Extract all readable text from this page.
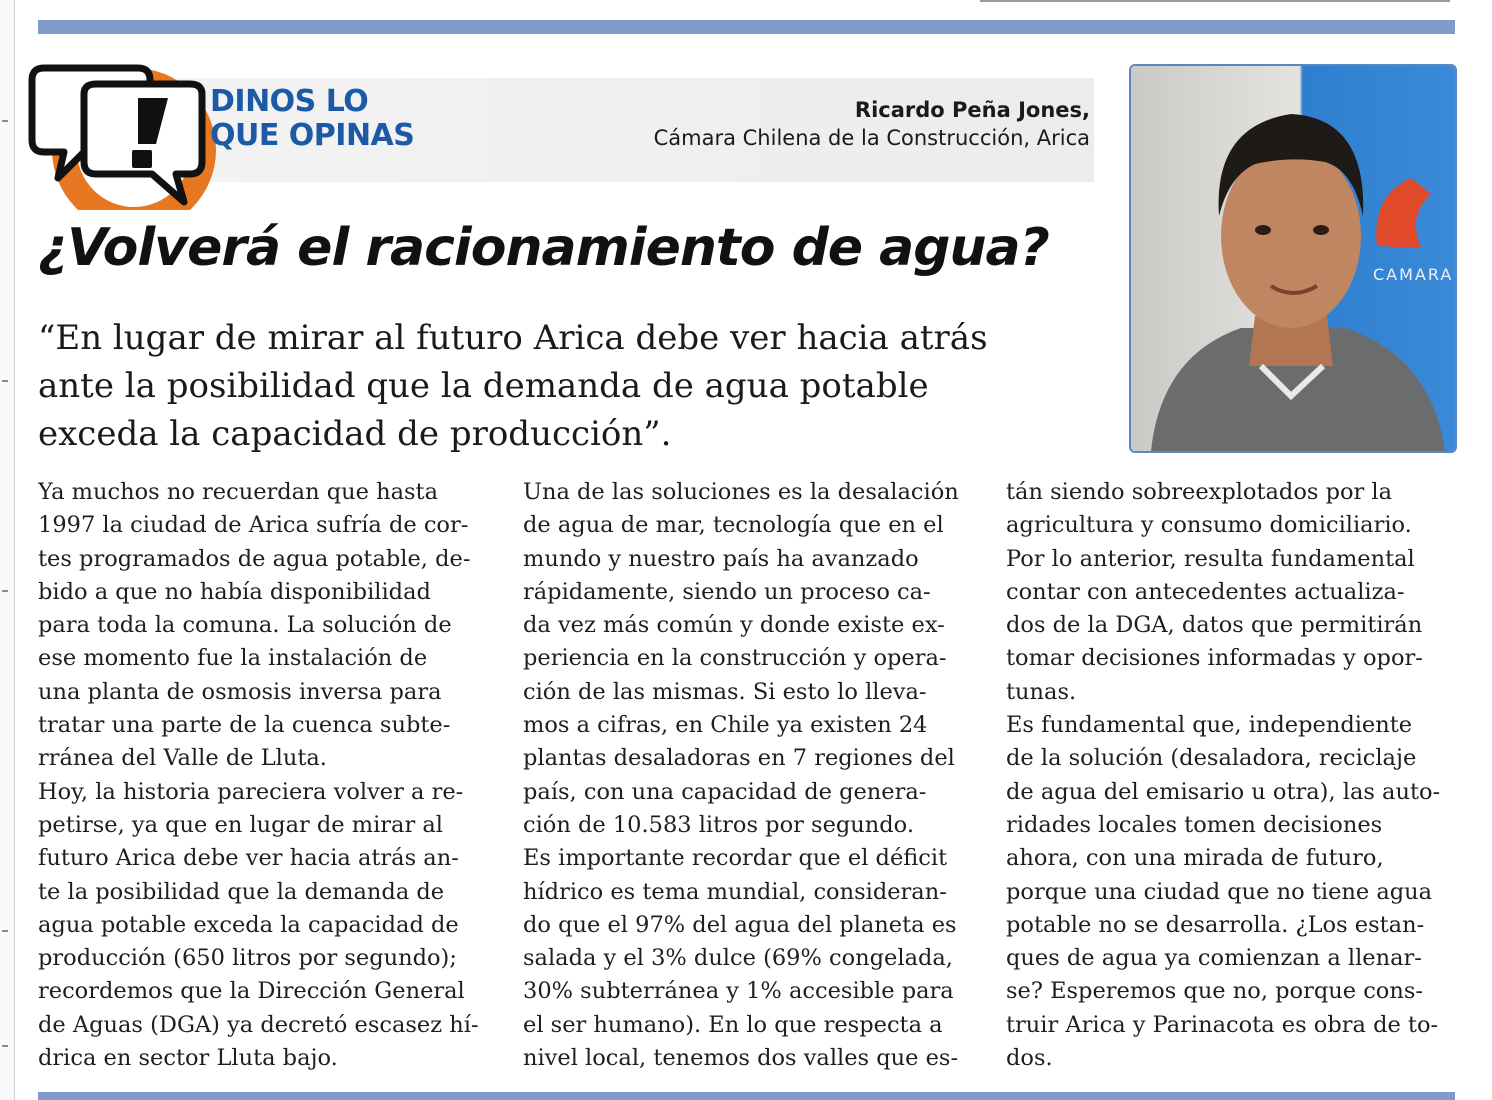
DINOS LO
QUE OPINAS
Ricardo Peña Jones,
Cámara Chilena de la Construcción, Arica
CAMARA
¿Volverá el racionamiento de agua?
“En lugar de mirar al futuro Arica debe ver hacia atrás
ante la posibilidad que la demanda de agua potable
exceda la capacidad de producción”.
Ya muchos no recuerdan que hasta
1997 la ciudad de Arica sufría de cor-
tes programados de agua potable, de-
bido a que no había disponibilidad
para toda la comuna. La solución de
ese momento fue la instalación de
una planta de osmosis inversa para
tratar una parte de la cuenca subte-
rránea del Valle de Lluta.
Hoy, la historia pareciera volver a re-
petirse, ya que en lugar de mirar al
futuro Arica debe ver hacia atrás an-
te la posibilidad que la demanda de
agua potable exceda la capacidad de
producción (650 litros por segundo);
recordemos que la Dirección General
de Aguas (DGA) ya decretó escasez hí-
drica en sector Lluta bajo.
Una de las soluciones es la desalación
de agua de mar, tecnología que en el
mundo y nuestro país ha avanzado
rápidamente, siendo un proceso ca-
da vez más común y donde existe ex-
periencia en la construcción y opera-
ción de las mismas. Si esto lo lleva-
mos a cifras, en Chile ya existen 24
plantas desaladoras en 7 regiones del
país, con una capacidad de genera-
ción de 10.583 litros por segundo.
Es importante recordar que el déficit
hídrico es tema mundial, consideran-
do que el 97% del agua del planeta es
salada y el 3% dulce (69% congelada,
30% subterránea y 1% accesible para
el ser humano). En lo que respecta a
nivel local, tenemos dos valles que es-
tán siendo sobreexplotados por la
agricultura y consumo domiciliario.
Por lo anterior, resulta fundamental
contar con antecedentes actualiza-
dos de la DGA, datos que permitirán
tomar decisiones informadas y opor-
tunas.
Es fundamental que, independiente
de la solución (desaladora, reciclaje
de agua del emisario u otra), las auto-
ridades locales tomen decisiones
ahora, con una mirada de futuro,
porque una ciudad que no tiene agua
potable no se desarrolla. ¿Los estan-
ques de agua ya comienzan a llenar-
se? Esperemos que no, porque cons-
truir Arica y Parinacota es obra de to-
dos.
